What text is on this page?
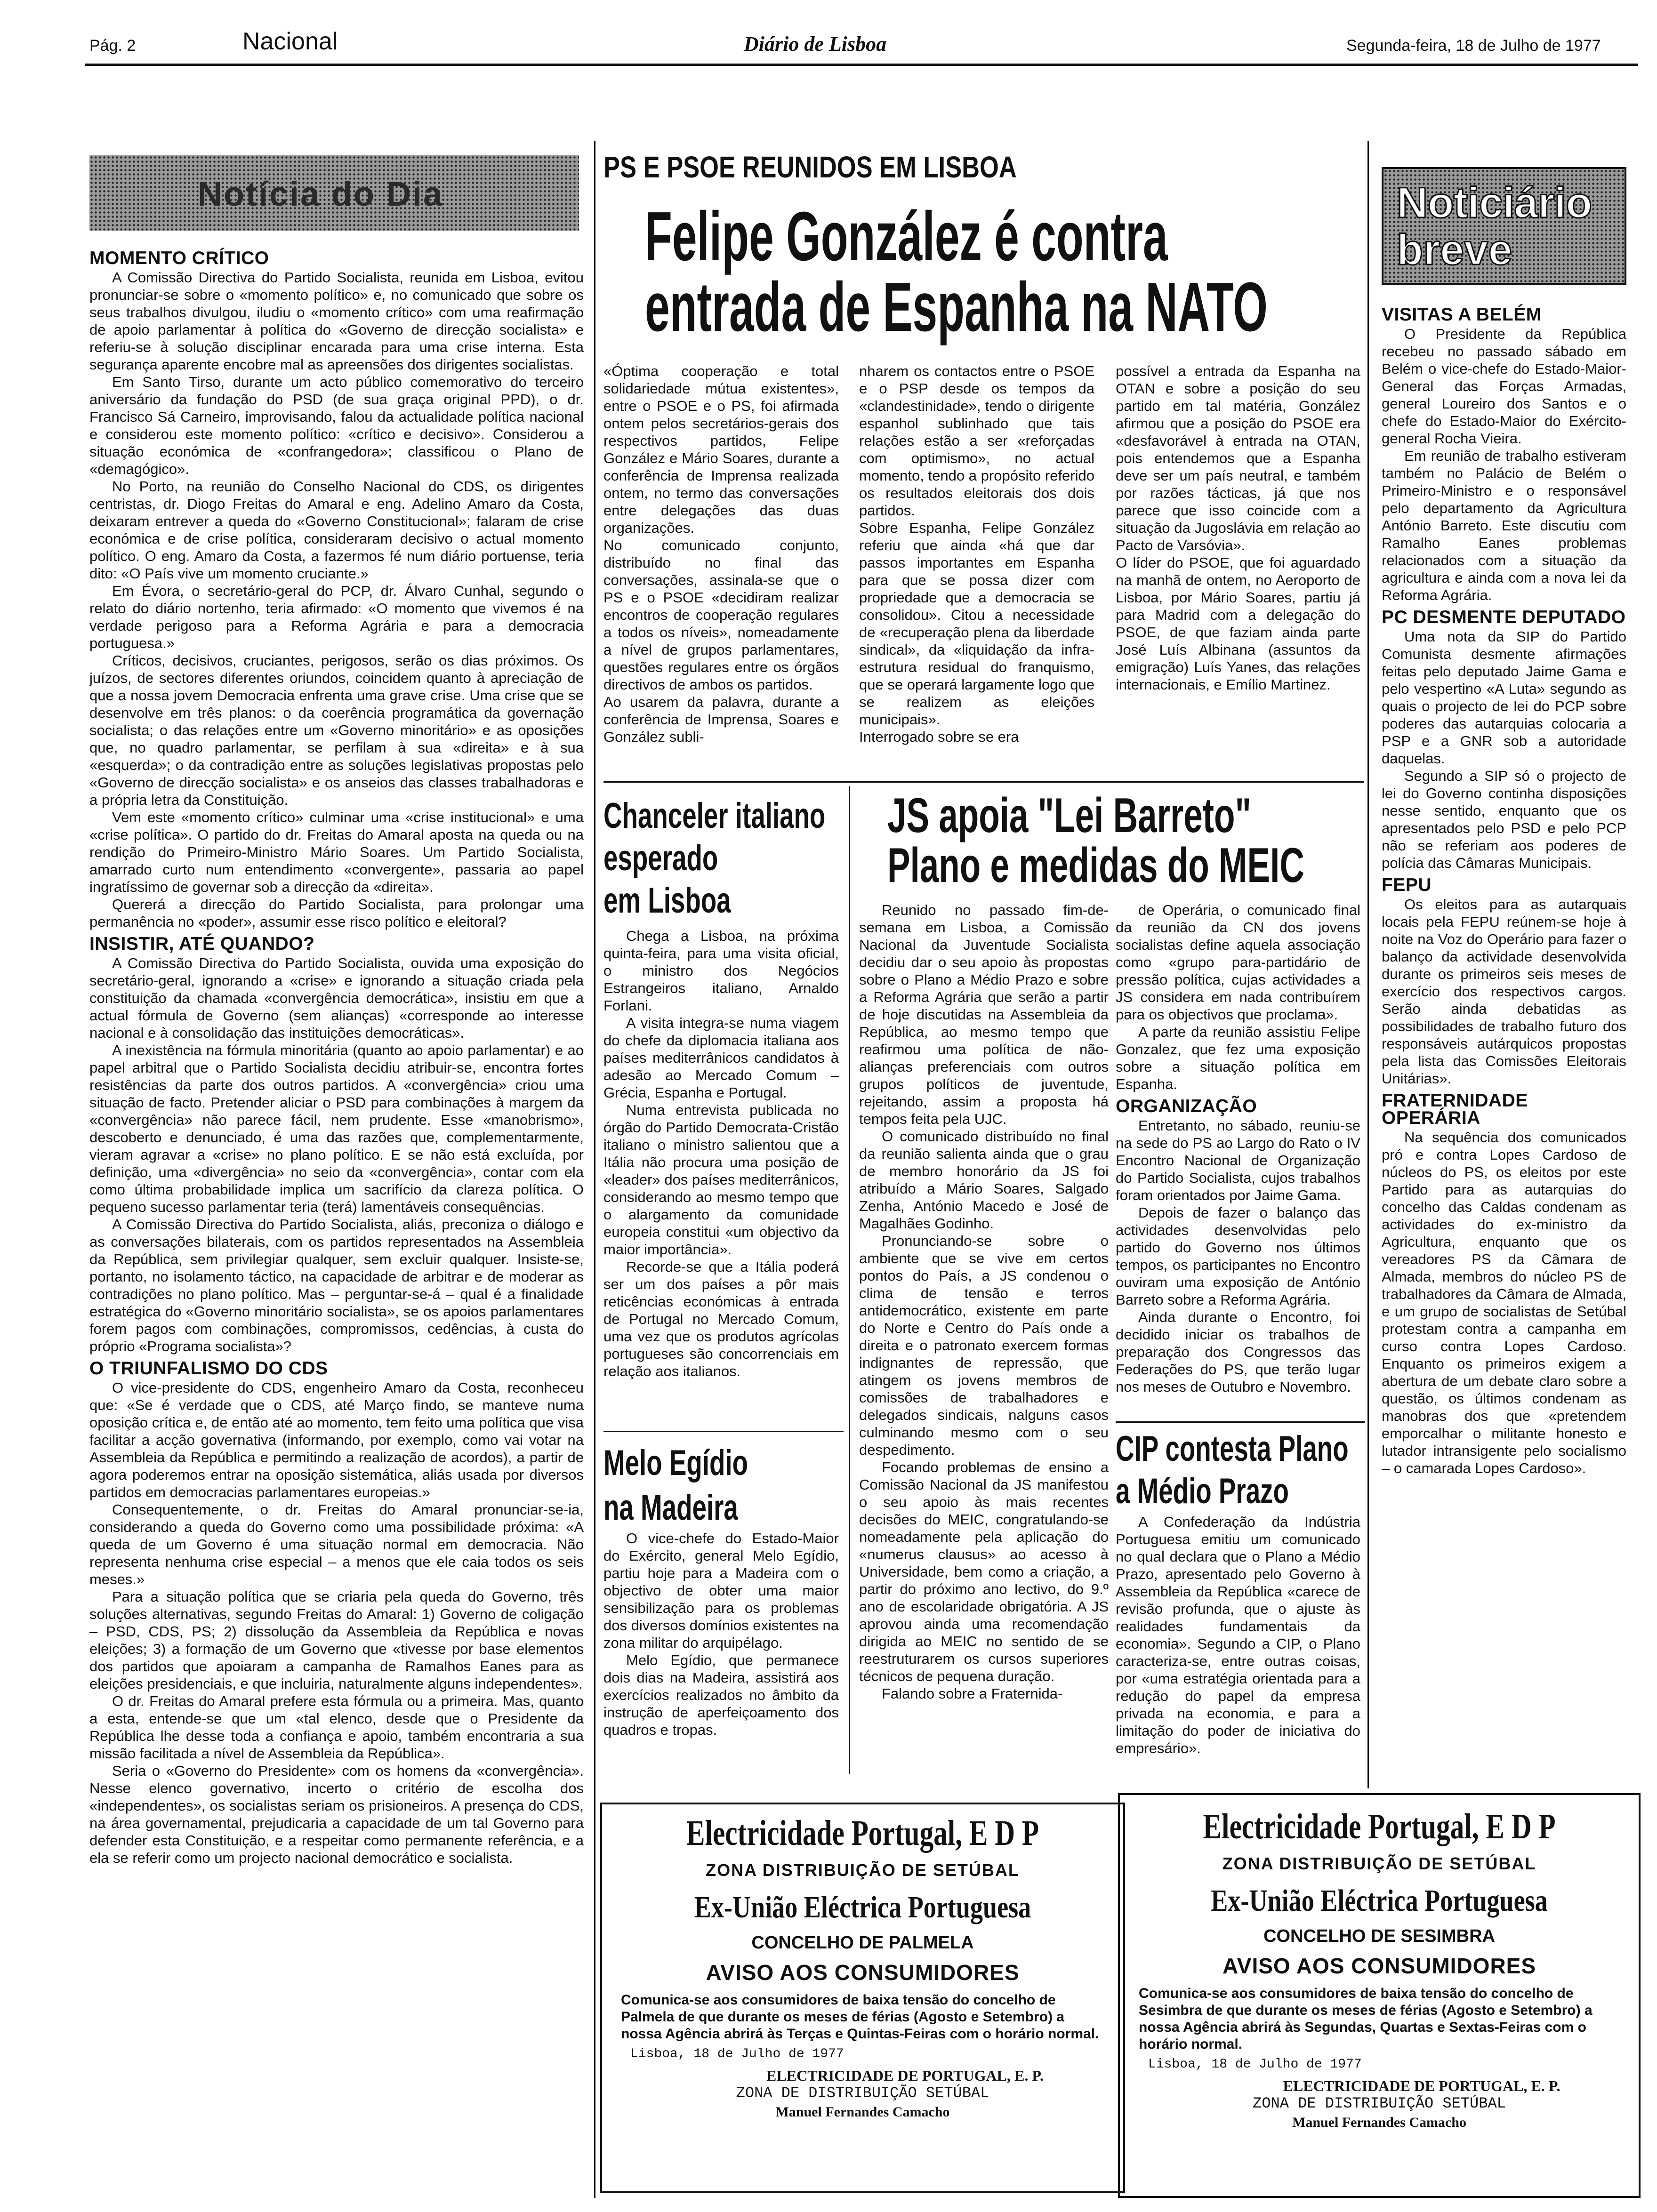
Pág. 2	Nacional	Diário de Lisboa	Segunda-feira, 18 de Julho de 1977
Notícia do Dia
MOMENTO CRÍTICO

A Comissão Directiva do Partido Socialista, reunida em Lisboa, evitou pronunciar-se sobre o «momento político» e, no comunicado que sobre os seus trabalhos divulgou, iludiu o «momento crítico» com uma reafirmação de apoio parlamentar à política do «Governo de direcção socialista» e referiu-se à solução disciplinar encarada para uma crise interna. Esta segurança aparente encobre mal as apreensões dos dirigentes socialistas.

Em Santo Tirso, durante um acto público comemorativo do terceiro aniversário da fundação do PSD (de sua graça original PPD), o dr. Francisco Sá Carneiro, improvisando, falou da actualidade política nacional e considerou este momento político: «crítico e decisivo». Considerou a situação económica de «confrangedora»; classificou o Plano de «demagógico».

No Porto, na reunião do Conselho Nacional do CDS, os dirigentes centristas, dr. Diogo Freitas do Amaral e eng. Adelino Amaro da Costa, deixaram entrever a queda do «Governo Constitucional»; falaram de crise económica e de crise política, consideraram decisivo o actual momento político. O eng. Amaro da Costa, a fazermos fé num diário portuense, teria dito: «O País vive um momento cruciante.»

Em Évora, o secretário-geral do PCP, dr. Álvaro Cunhal, segundo o relato do diário nortenho, teria afirmado: «O momento que vivemos é na verdade perigoso para a Reforma Agrária e para a democracia portuguesa.»

Críticos, decisivos, cruciantes, perigosos, serão os dias próximos. Os juízos, de sectores diferentes oriundos, coincidem quanto à apreciação de que a nossa jovem Democracia enfrenta uma grave crise. Uma crise que se desenvolve em três planos: o da coerência programática da governação socialista; o das relações entre um «Governo minoritário» e as oposições que, no quadro parlamentar, se perfilam à sua «direita» e à sua «esquerda»; o da contradição entre as soluções legislativas propostas pelo «Governo de direcção socialista» e os anseios das classes trabalhadoras e a própria letra da Constituição.

Vem este «momento crítico» culminar uma «crise institucional» e uma «crise política». O partido do dr. Freitas do Amaral aposta na queda ou na rendição do Primeiro-Ministro Mário Soares. Um Partido Socialista, amarrado curto num entendimento «convergente», passaria ao papel ingratíssimo de governar sob a direcção da «direita».

Quererá a direcção do Partido Socialista, para prolongar uma permanência no «poder», assumir esse risco político e eleitoral?

INSISTIR, ATÉ QUANDO?

A Comissão Directiva do Partido Socialista, ouvida uma exposição do secretário-geral, ignorando a «crise» e ignorando a situação criada pela constituição da chamada «convergência democrática», insistiu em que a actual fórmula de Governo (sem alianças) «corresponde ao interesse nacional e à consolidação das instituições democráticas».

A inexistência na fórmula minoritária (quanto ao apoio parlamentar) e ao papel arbitral que o Partido Socialista decidiu atribuir-se, encontra fortes resistências da parte dos outros partidos. A «convergência» criou uma situação de facto. Pretender aliciar o PSD para combinações à margem da «convergência» não parece fácil, nem prudente. Esse «manobrismo», descoberto e denunciado, é uma das razões que, complementarmente, vieram agravar a «crise» no plano político. E se não está excluída, por definição, uma «divergência» no seio da «convergência», contar com ela como última probabilidade implica um sacrifício da clareza política. O pequeno sucesso parlamentar teria (terá) lamentáveis consequências.

A Comissão Directiva do Partido Socialista, aliás, preconiza o diálogo e as conversações bilaterais, com os partidos representados na Assembleia da República, sem privilegiar qualquer, sem excluir qualquer. Insiste-se, portanto, no isolamento táctico, na capacidade de arbitrar e de moderar as contradições no plano político. Mas – perguntar-se-á – qual é a finalidade estratégica do «Governo minoritário socialista», se os apoios parlamentares forem pagos com combinações, compromissos, cedências, à custa do próprio «Programa socialista»?

O TRIUNFALISMO DO CDS

O vice-presidente do CDS, engenheiro Amaro da Costa, reconheceu que: «Se é verdade que o CDS, até Março findo, se manteve numa oposição crítica e, de então até ao momento, tem feito uma política que visa facilitar a acção governativa (informando, por exemplo, como vai votar na Assembleia da República e permitindo a realização de acordos), a partir de agora poderemos entrar na oposição sistemática, aliás usada por diversos partidos em democracias parlamentares europeias.»

Consequentemente, o dr. Freitas do Amaral pronunciar-se-ia, considerando a queda do Governo como uma possibilidade próxima: «A queda de um Governo é uma situação normal em democracia. Não representa nenhuma crise especial – a menos que ele caia todos os seis meses.»

Para a situação política que se criaria pela queda do Governo, três soluções alternativas, segundo Freitas do Amaral: 1) Governo de coligação – PSD, CDS, PS; 2) dissolução da Assembleia da República e novas eleições; 3) a formação de um Governo que «tivesse por base elementos dos partidos que apoiaram a campanha de Ramalhos Eanes para as eleições presidenciais, e que incluiria, naturalmente alguns independentes».

O dr. Freitas do Amaral prefere esta fórmula ou a primeira. Mas, quanto a esta, entende-se que um «tal elenco, desde que o Presidente da República lhe desse toda a confiança e apoio, também encontraria a sua missão facilitada a nível de Assembleia da República».

Seria o «Governo do Presidente» com os homens da «convergência». Nesse elenco governativo, incerto o critério de escolha dos «independentes», os socialistas seriam os prisioneiros. A presença do CDS, na área governamental, prejudicaria a capacidade de um tal Governo para defender esta Constituição, e a respeitar como permanente referência, e a ela se referir como um projecto nacional democrático e socialista.

PS E PSOE REUNIDOS EM LISBOA
Felipe González é contra
entrada de Espanha na NATO
«Óptima cooperação e total solidariedade mútua existentes», entre o PSOE e o PS, foi afirmada ontem pelos secretários-gerais dos respectivos partidos, Felipe González e Mário Soares, durante a conferência de Imprensa realizada ontem, no termo das conversações entre delegações das duas organizações.
No comunicado conjunto, distribuído no final das conversações, assinala-se que o PS e o PSOE «decidiram realizar encontros de cooperação regulares a todos os níveis», nomeadamente a nível de grupos parlamentares, questões regulares entre os órgãos directivos de ambos os partidos.
Ao usarem da palavra, durante a conferência de Imprensa, Soares e González subli-
nharem os contactos entre o PSOE e o PSP desde os tempos da «clandestinidade», tendo o dirigente espanhol sublinhado que tais relações estão a ser «reforçadas com optimismo», no actual momento, tendo a propósito referido os resultados eleitorais dos dois partidos.
Sobre Espanha, Felipe González referiu que ainda «há que dar passos importantes em Espanha para que se possa dizer com propriedade que a democracia se consolidou». Citou a necessidade de «recuperação plena da liberdade sindical», da «liquidação da infra-estrutura residual do franquismo, que se operará largamente logo que se realizem as eleições municipais».
Interrogado sobre se era
possível a entrada da Espanha na OTAN e sobre a posição do seu partido em tal matéria, González afirmou que a posição do PSOE era «desfavorável à entrada na OTAN, pois entendemos que a Espanha deve ser um país neutral, e também por razões tácticas, já que nos parece que isso coincide com a situação da Jugoslávia em relação ao Pacto de Varsóvia».
O líder do PSOE, que foi aguardado na manhã de ontem, no Aeroporto de Lisboa, por Mário Soares, partiu já para Madrid com a delegação do PSOE, de que faziam ainda parte José Luís Albinana (assuntos da emigração) Luís Yanes, das relações internacionais, e Emílio Martinez.
Chanceler italiano
esperado
em Lisboa

Chega a Lisboa, na próxima quinta-feira, para uma visita oficial, o ministro dos Negócios Estrangeiros italiano, Arnaldo Forlani.

A visita integra-se numa viagem do chefe da diplomacia italiana aos países mediterrânicos candidatos à adesão ao Mercado Comum – Grécia, Espanha e Portugal.

Numa entrevista publicada no órgão do Partido Democrata-Cristão italiano o ministro salientou que a Itália não procura uma posição de «leader» dos países mediterrânicos, considerando ao mesmo tempo que o alargamento da comunidade europeia constitui «um objectivo da maior importância».

Recorde-se que a Itália poderá ser um dos países a pôr mais reticências económicas à entrada de Portugal no Mercado Comum, uma vez que os produtos agrícolas portugueses são concorrenciais em relação aos italianos.

Melo Egídio
na Madeira

O vice-chefe do Estado-Maior do Exército, general Melo Egídio, partiu hoje para a Madeira com o objectivo de obter uma maior sensibilização para os problemas dos diversos domínios existentes na zona militar do arquipélago.

Melo Egídio, que permanece dois dias na Madeira, assistirá aos exercícios realizados no âmbito da instrução de aperfeiçoamento dos quadros e tropas.

JS apoia "Lei Barreto"
Plano e medidas do MEIC

Reunido no passado fim-de-semana em Lisboa, a Comissão Nacional da Juventude Socialista decidiu dar o seu apoio às propostas sobre o Plano a Médio Prazo e sobre a Reforma Agrária que serão a partir de hoje discutidas na Assembleia da República, ao mesmo tempo que reafirmou uma política de não-alianças preferenciais com outros grupos políticos de juventude, rejeitando, assim a proposta há tempos feita pela UJC.

O comunicado distribuído no final da reunião salienta ainda que o grau de membro honorário da JS foi atribuído a Mário Soares, Salgado Zenha, António Macedo e José de Magalhães Godinho.

Pronunciando-se sobre o ambiente que se vive em certos pontos do País, a JS condenou o clima de tensão e terros antidemocrático, existente em parte do Norte e Centro do País onde a direita e o patronato exercem formas indignantes de repressão, que atingem os jovens membros de comissões de trabalhadores e delegados sindicais, nalguns casos culminando mesmo com o seu despedimento.

Focando problemas de ensino a Comissão Nacional da JS manifestou o seu apoio às mais recentes decisões do MEIC, congratulando-se nomeadamente pela aplicação do «numerus clausus» ao acesso à Universidade, bem como a criação, a partir do próximo ano lectivo, do 9.º ano de escolaridade obrigatória. A JS aprovou ainda uma recomendação dirigida ao MEIC no sentido de se reestruturarem os cursos superiores técnicos de pequena duração.

Falando sobre a Fraternida-

de Operária, o comunicado final da reunião da CN dos jovens socialistas define aquela associação como «grupo para-partidário de pressão política, cujas actividades a JS considera em nada contribuírem para os objectivos que proclama».

A parte da reunião assistiu Felipe Gonzalez, que fez uma exposição sobre a situação política em Espanha.

ORGANIZAÇÃO

Entretanto, no sábado, reuniu-se na sede do PS ao Largo do Rato o IV Encontro Nacional de Organização do Partido Socialista, cujos trabalhos foram orientados por Jaime Gama.

Depois de fazer o balanço das actividades desenvolvidas pelo partido do Governo nos últimos tempos, os participantes no Encontro ouviram uma exposição de António Barreto sobre a Reforma Agrária.

Ainda durante o Encontro, foi decidido iniciar os trabalhos de preparação dos Congressos das Federações do PS, que terão lugar nos meses de Outubro e Novembro.

CIP contesta Plano
a Médio Prazo

A Confederação da Indústria Portuguesa emitiu um comunicado no qual declara que o Plano a Médio Prazo, apresentado pelo Governo à Assembleia da República «carece de revisão profunda, que o ajuste às realidades fundamentais da economia». Segundo a CIP, o Plano caracteriza-se, entre outras coisas, por «uma estratégia orientada para a redução do papel da empresa privada na economia, e para a limitação do poder de iniciativa do empresário».

Noticiário
breve
VISITAS A BELÉM

O Presidente da República recebeu no passado sábado em Belém o vice-chefe do Estado-Maior-General das Forças Armadas, general Loureiro dos Santos e o chefe do Estado-Maior do Exército-general Rocha Vieira.

Em reunião de trabalho estiveram também no Palácio de Belém o Primeiro-Ministro e o responsável pelo departamento da Agricultura António Barreto. Este discutiu com Ramalho Eanes problemas relacionados com a situação da agricultura e ainda com a nova lei da Reforma Agrária.

PC DESMENTE DEPUTADO

Uma nota da SIP do Partido Comunista desmente afirmações feitas pelo deputado Jaime Gama e pelo vespertino «A Luta» segundo as quais o projecto de lei do PCP sobre poderes das autarquias colocaria a PSP e a GNR sob a autoridade daquelas.

Segundo a SIP só o projecto de lei do Governo continha disposições nesse sentido, enquanto que os apresentados pelo PSD e pelo PCP não se referiam aos poderes de polícia das Câmaras Municipais.

FEPU

Os eleitos para as autarquais locais pela FEPU reúnem-se hoje à noite na Voz do Operário para fazer o balanço da actividade desenvolvida durante os primeiros seis meses de exercício dos respectivos cargos. Serão ainda debatidas as possibilidades de trabalho futuro dos responsáveis autárquicos propostas pela lista das Comissões Eleitorais Unitárias».

FRATERNIDADE OPERÁRIA

Na sequência dos comunicados pró e contra Lopes Cardoso de núcleos do PS, os eleitos por este Partido para as autarquias do concelho das Caldas condenam as actividades do ex-ministro da Agricultura, enquanto que os vereadores PS da Câmara de Almada, membros do núcleo PS de trabalhadores da Câmara de Almada, e um grupo de socialistas de Setúbal protestam contra a campanha em curso contra Lopes Cardoso. Enquanto os primeiros exigem a abertura de um debate claro sobre a questão, os últimos condenam as manobras dos que «pretendem emporcalhar o militante honesto e lutador intransigente pelo socialismo – o camarada Lopes Cardoso».

Electricidade Portugal, E D P
ZONA DISTRIBUIÇÃO DE SETÚBAL
Ex-União Eléctrica Portuguesa
CONCELHO DE PALMELA
AVISO AOS CONSUMIDORES
Comunica-se aos consumidores de baixa tensão do concelho de Palmela de que durante os meses de férias (Agosto e Setembro) a nossa Agência abrirá às Terças e Quintas-Feiras com o horário normal.
Lisboa, 18 de Julho de 1977
ELECTRICIDADE DE PORTUGAL, E. P.
ZONA DE DISTRIBUIÇÃO SETÚBAL
Manuel Fernandes Camacho
Electricidade Portugal, E D P
ZONA DISTRIBUIÇÃO DE SETÚBAL
Ex-União Eléctrica Portuguesa
CONCELHO DE SESIMBRA
AVISO AOS CONSUMIDORES
Comunica-se aos consumidores de baixa tensão do concelho de Sesimbra de que durante os meses de férias (Agosto e Setembro) a nossa Agência abrirá às Segundas, Quartas e Sextas-Feiras com o horário normal.
Lisboa, 18 de Julho de 1977
ELECTRICIDADE DE PORTUGAL, E. P.
ZONA DE DISTRIBUIÇÃO SETÚBAL
Manuel Fernandes Camacho
